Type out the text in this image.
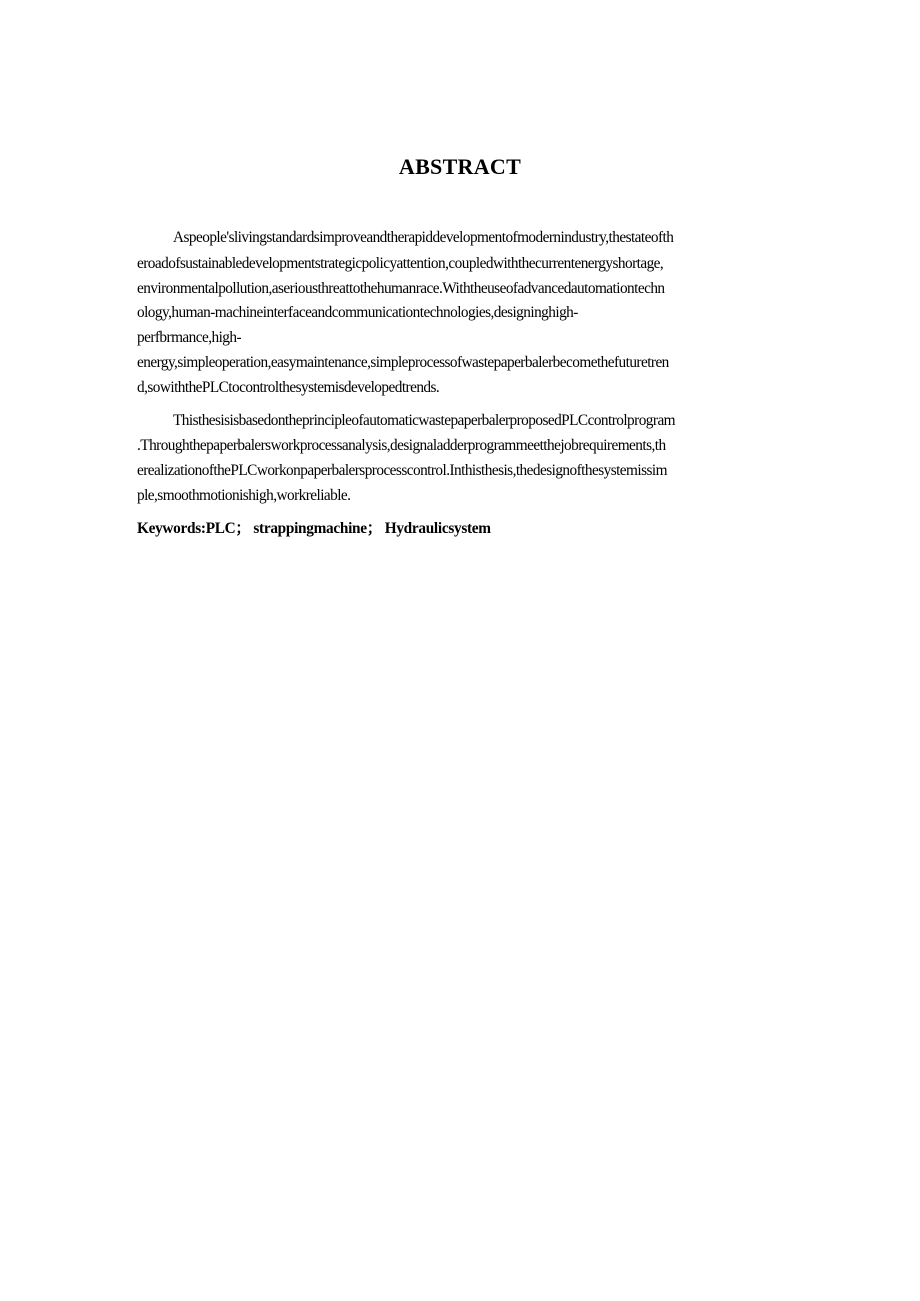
ABSTRACT
Aspeople'slivingstandardsimproveandtherapiddevelopmentofmodernindustry,thestateofth
eroadofsustainabledevelopmentstrategicpolicyattention,coupledwiththecurrentenergyshortage,
environmentalpollution,aseriousthreattothehumanrace.Withtheuseofadvancedautomationtechn
ology,human-machineinterfaceandcommunicationtechnologies,designinghigh-
perfbrmance,high-
energy,simpleoperation,easymaintenance,simpleprocessofwastepaperbalerbecomethefuturetren
d,sowiththePLCtocontrolthesystemisdevelopedtrends.
ThisthesisisbasedontheprincipleofautomaticwastepaperbalerproposedPLCcontrolprogram
.Throughthepaperbalersworkprocessanalysis,designaladderprogrammeetthejobrequirements,th
erealizationofthePLCworkonpaperbalersprocesscontrol.Inthisthesis,thedesignofthesystemissim
ple,smoothmotionishigh,workreliable.
Keywords:PLC； strappingmachine； Hydraulicsystem
